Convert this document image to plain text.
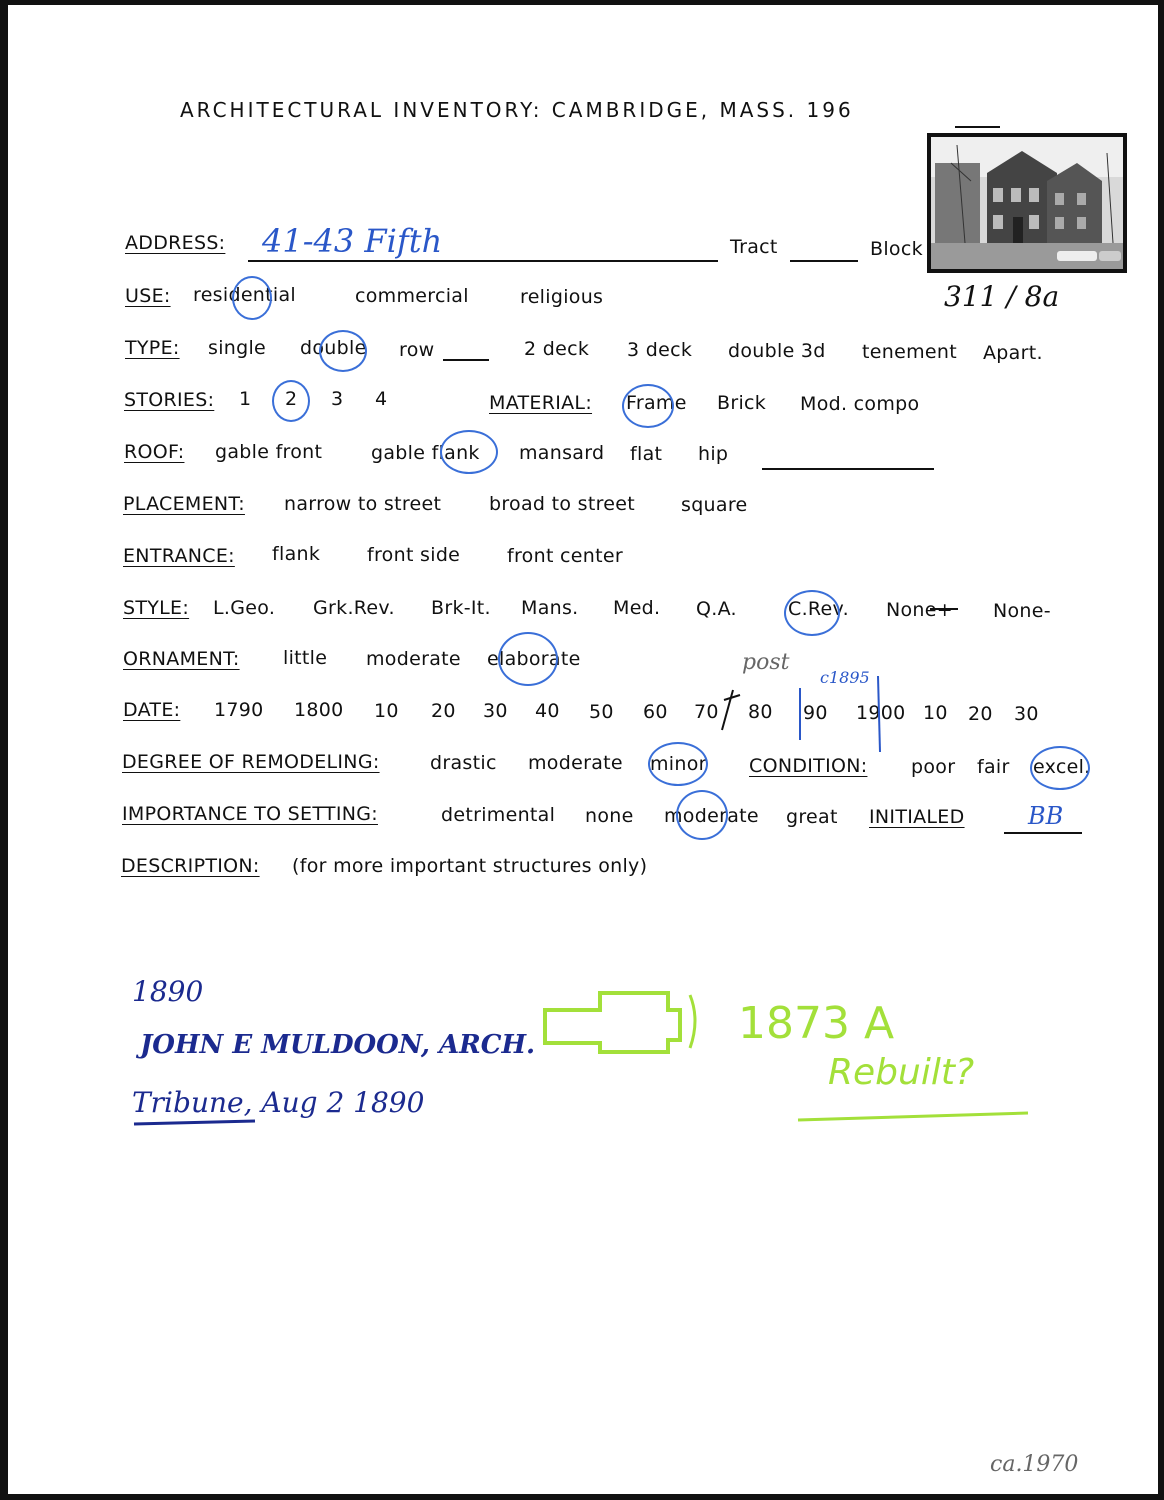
ARCHITECTURAL INVENTORY: CAMBRIDGE, MASS. 196
ADDRESS: 41-43 Fifth	Tract	Block
311 / 8a
USE: residential	commercial	religious
TYPE: single double row	2 deck 3 deck double 3d tenement Apart.
STORIES: 1 2 3 4	MATERIAL: Frame Brick Mod. compo
ROOF: gable front	gable flank mansard flat hip
PLACEMENT: narrow to street	broad to street square
ENTRANCE: flank front side front center
STYLE: L.Geo. Grk.Rev. Brk-It. Mans. Med. Q.A.	C.Rev. None+ None-
ORNAMENT: little moderate elaborate
DATE: 1790 1800 10 20 30 40 50 60 70 80 90 1900 10 20 30
post
c1895
DEGREE OF REMODELING:	drastic moderate minor CONDITION: poor fair excel.
IMPORTANCE TO SETTING:	detrimental none moderate great INITIALED	BB
DESCRIPTION: (for more important structures only)
1890
JOHN E MULDOON, ARCH.
Tribune, Aug 2 1890
1873 A
Rebuilt?
ca.1970
